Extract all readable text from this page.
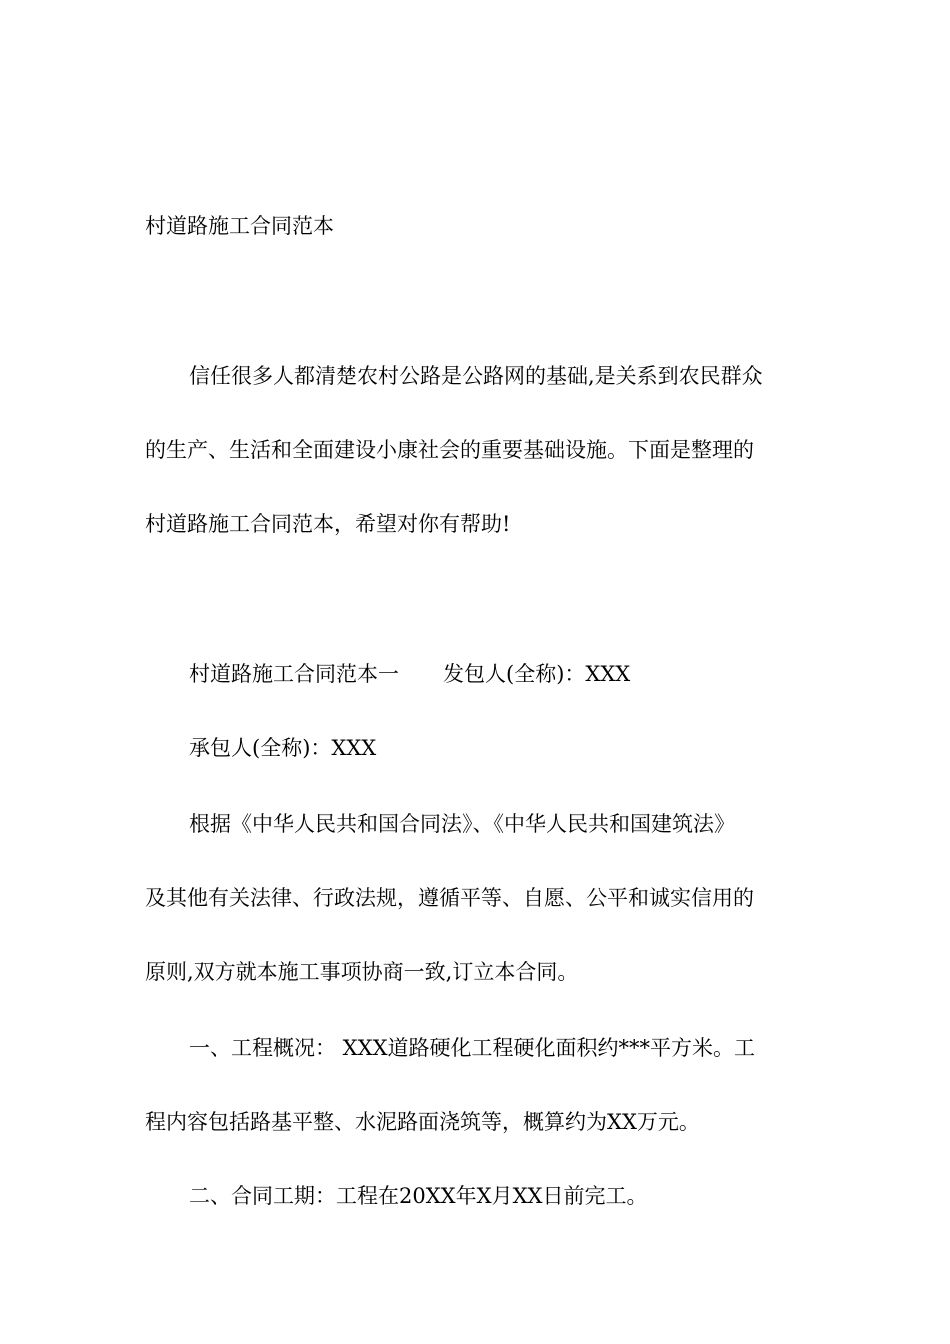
村道路施工合同范本
信任很多人都清楚农村公路是公路网的基础,是关系到农民群众
的生产、生活和全面建设小康社会的重要基础设施。下面是整理的
村道路施工合同范本，希望对你有帮助!
村道路施工合同范本一 发包人(全称)：XXX
承包人(全称)：XXX
根据《中华人民共和国合同法》、《中华人民共和国建筑法》
及其他有关法律、行政法规，遵循平等、自愿、公平和诚实信用的
原则,双方就本施工事项协商一致,订立本合同。
一、工程概况： XXX道路硬化工程硬化面积约***平方米。工
程内容包括路基平整、水泥路面浇筑等，概算约为XX万元。
二、合同工期：工程在20XX年X月XX日前完工。
